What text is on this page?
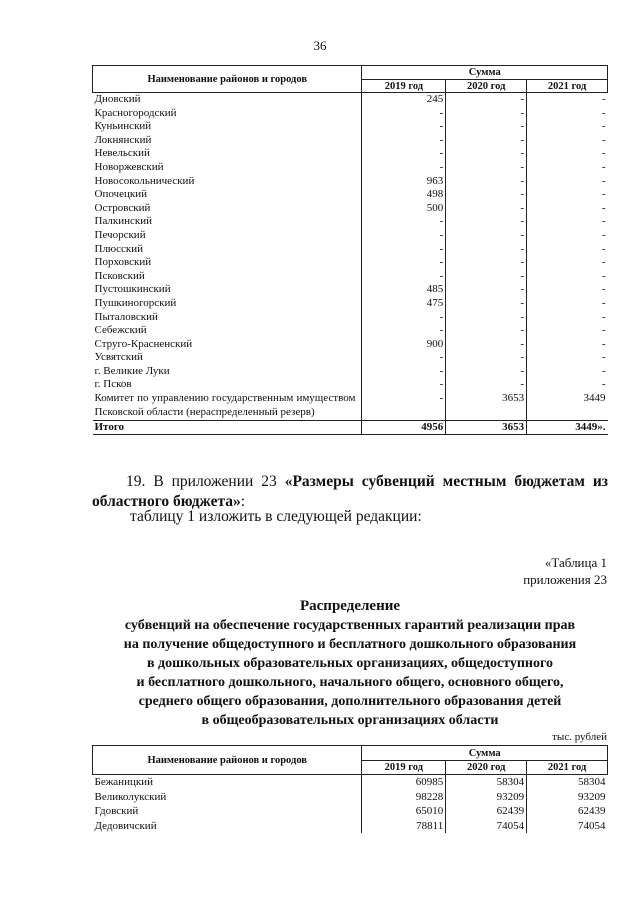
36
Наименование районов и городов	Сумма		
	2019 год	2020 год	2021 год
Дновский	245	-	-
Красногородский	-	-	-
Куньинский	-	-	-
Локнянский	-	-	-
Невельский	-	-	-
Новоржевский	-	-	-
Новосокольнический	963	-	-
Опочецкий	498	-	-
Островский	500	-	-
Палкинский	-	-	-
Печорский	-	-	-
Плюсский	-	-	-
Порховский	-	-	-
Псковский	-	-	-
Пустошкинский	485	-	-
Пушкиногорский	475	-	-
Пыталовский	-	-	-
Себежский	-	-	-
Струго-Красненский	900	-	-
Усвятский	-	-	-
г. Великие Луки	-	-	-
г. Псков	-	-	-
Комитет по управлению государственным имуществом Псковской области (нераспределенный резерв)	-	3653	3449
Итого	4956	3653	3449».
19. В приложении 23 «Размеры субвенций местным бюджетам из областного бюджета»:
таблицу 1 изложить в следующей редакции:
«Таблица 1
приложения 23
Распределение
субвенций на обеспечение государственных гарантий реализации прав
на получение общедоступного и бесплатного дошкольного образования
в дошкольных образовательных организациях, общедоступного
и бесплатного дошкольного, начального общего, основного общего,
среднего общего образования, дополнительного образования детей
в общеобразовательных организациях области
тыс. рублей
Наименование районов и городов	Сумма		
	2019 год	2020 год	2021 год
Бежаницкий	60985	58304	58304
Великолукский	98228	93209	93209
Гдовский	65010	62439	62439
Дедовичский	78811	74054	74054
